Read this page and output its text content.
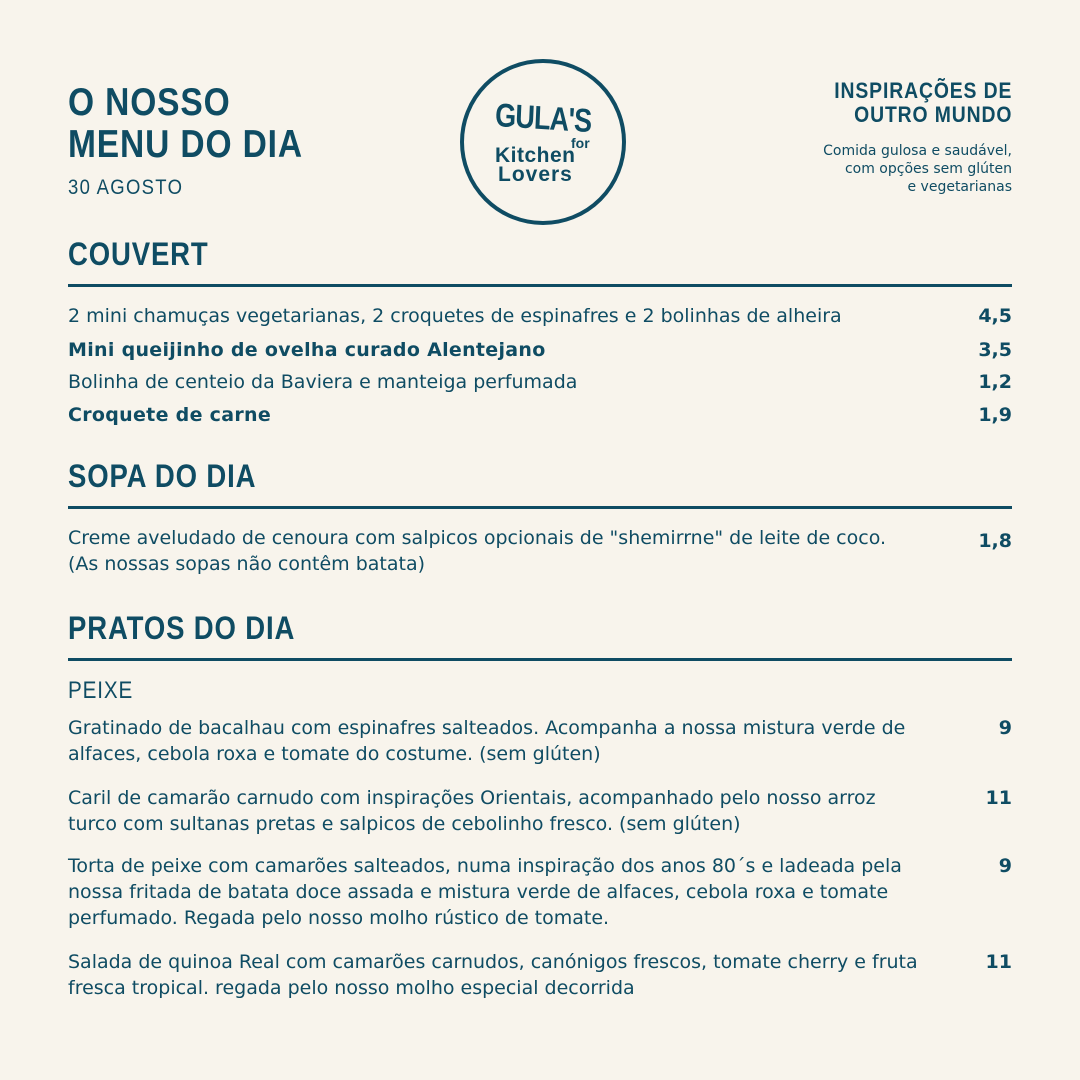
O NOSSO
MENU DO DIA
30 AGOSTO
GULA'S
for
Kitchen
Lovers
INSPIRAÇÕES DE
OUTRO MUNDO
Comida gulosa e saudável,
com opções sem glúten
e vegetarianas
COUVERT
2 mini chamuças vegetarianas, 2 croquetes de espinafres e 2 bolinhas de alheira	4,5
Mini queijinho de ovelha curado Alentejano	3,5
Bolinha de centeio da Baviera e manteiga perfumada	1,2
Croquete de carne	1,9
SOPA DO DIA
Creme aveludado de cenoura com salpicos opcionais de "shemirrne" de leite de coco.
(As nossas sopas não contêm batata)
1,8
PRATOS DO DIA
PEIXE
Gratinado de bacalhau com espinafres salteados. Acompanha a nossa mistura verde de
alfaces, cebola roxa e tomate do costume. (sem glúten)
9
Caril de camarão carnudo com inspirações Orientais, acompanhado pelo nosso arroz
turco com sultanas pretas e salpicos de cebolinho fresco. (sem glúten)
11
Torta de peixe com camarões salteados, numa inspiração dos anos 80´s e ladeada pela
nossa fritada de batata doce assada e mistura verde de alfaces, cebola roxa e tomate
perfumado. Regada pelo nosso molho rústico de tomate.
9
Salada de quinoa Real com camarões carnudos, canónigos frescos, tomate cherry e fruta
fresca tropical. regada pelo nosso molho especial decorrida
11
